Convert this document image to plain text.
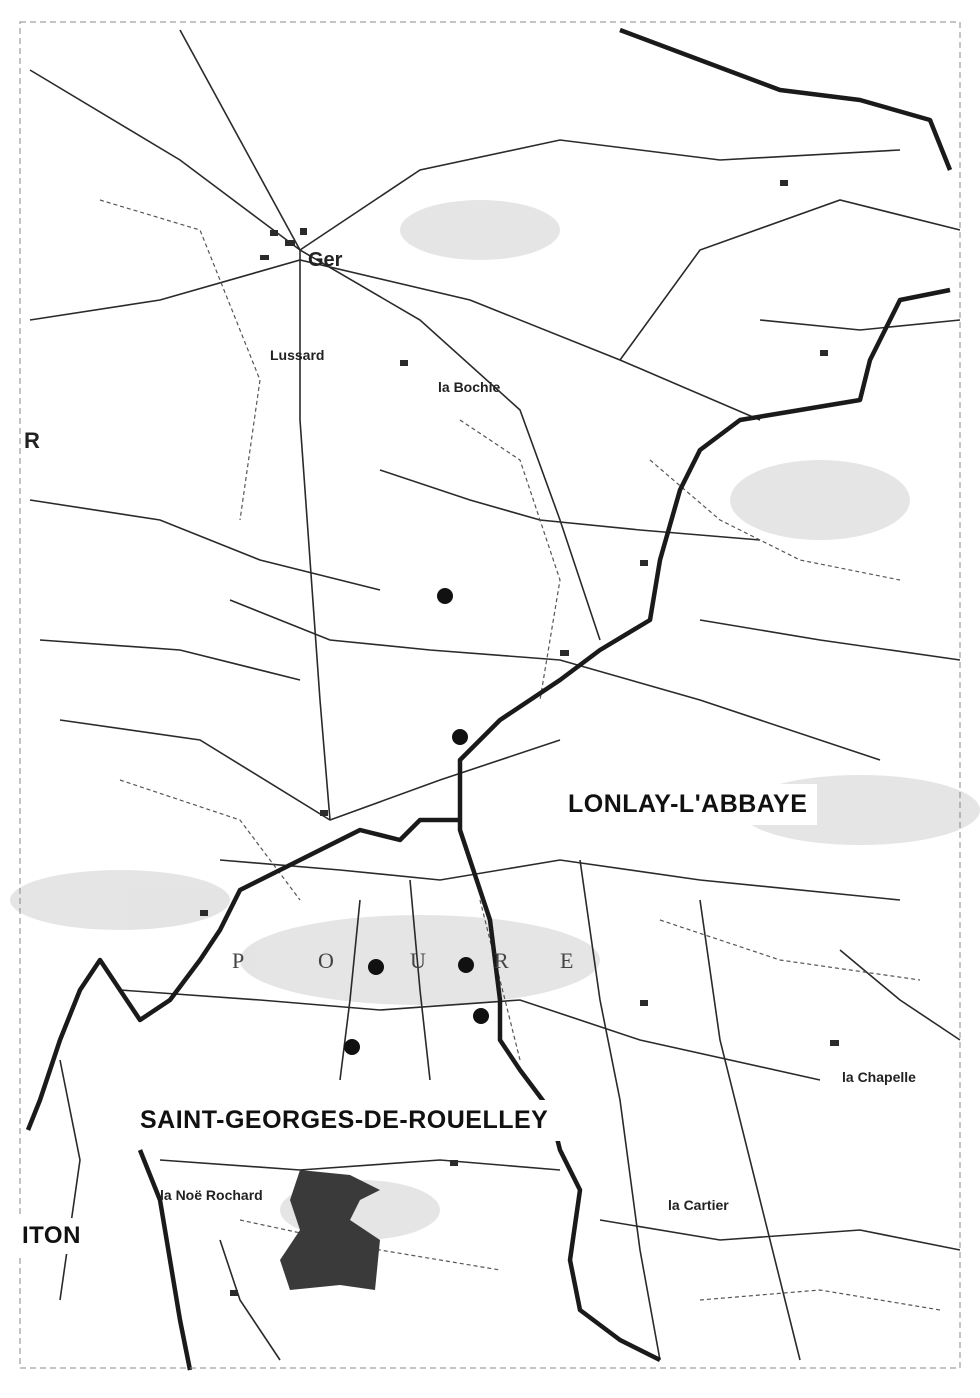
P	O	U	R E
Ger
R
Lussard
la Bochie
la Chapelle
la Cartier
la Noë Rochard
LONLAY-L'ABBAYE
SAINT-GEORGES-DE-ROUELLEY
ITON
